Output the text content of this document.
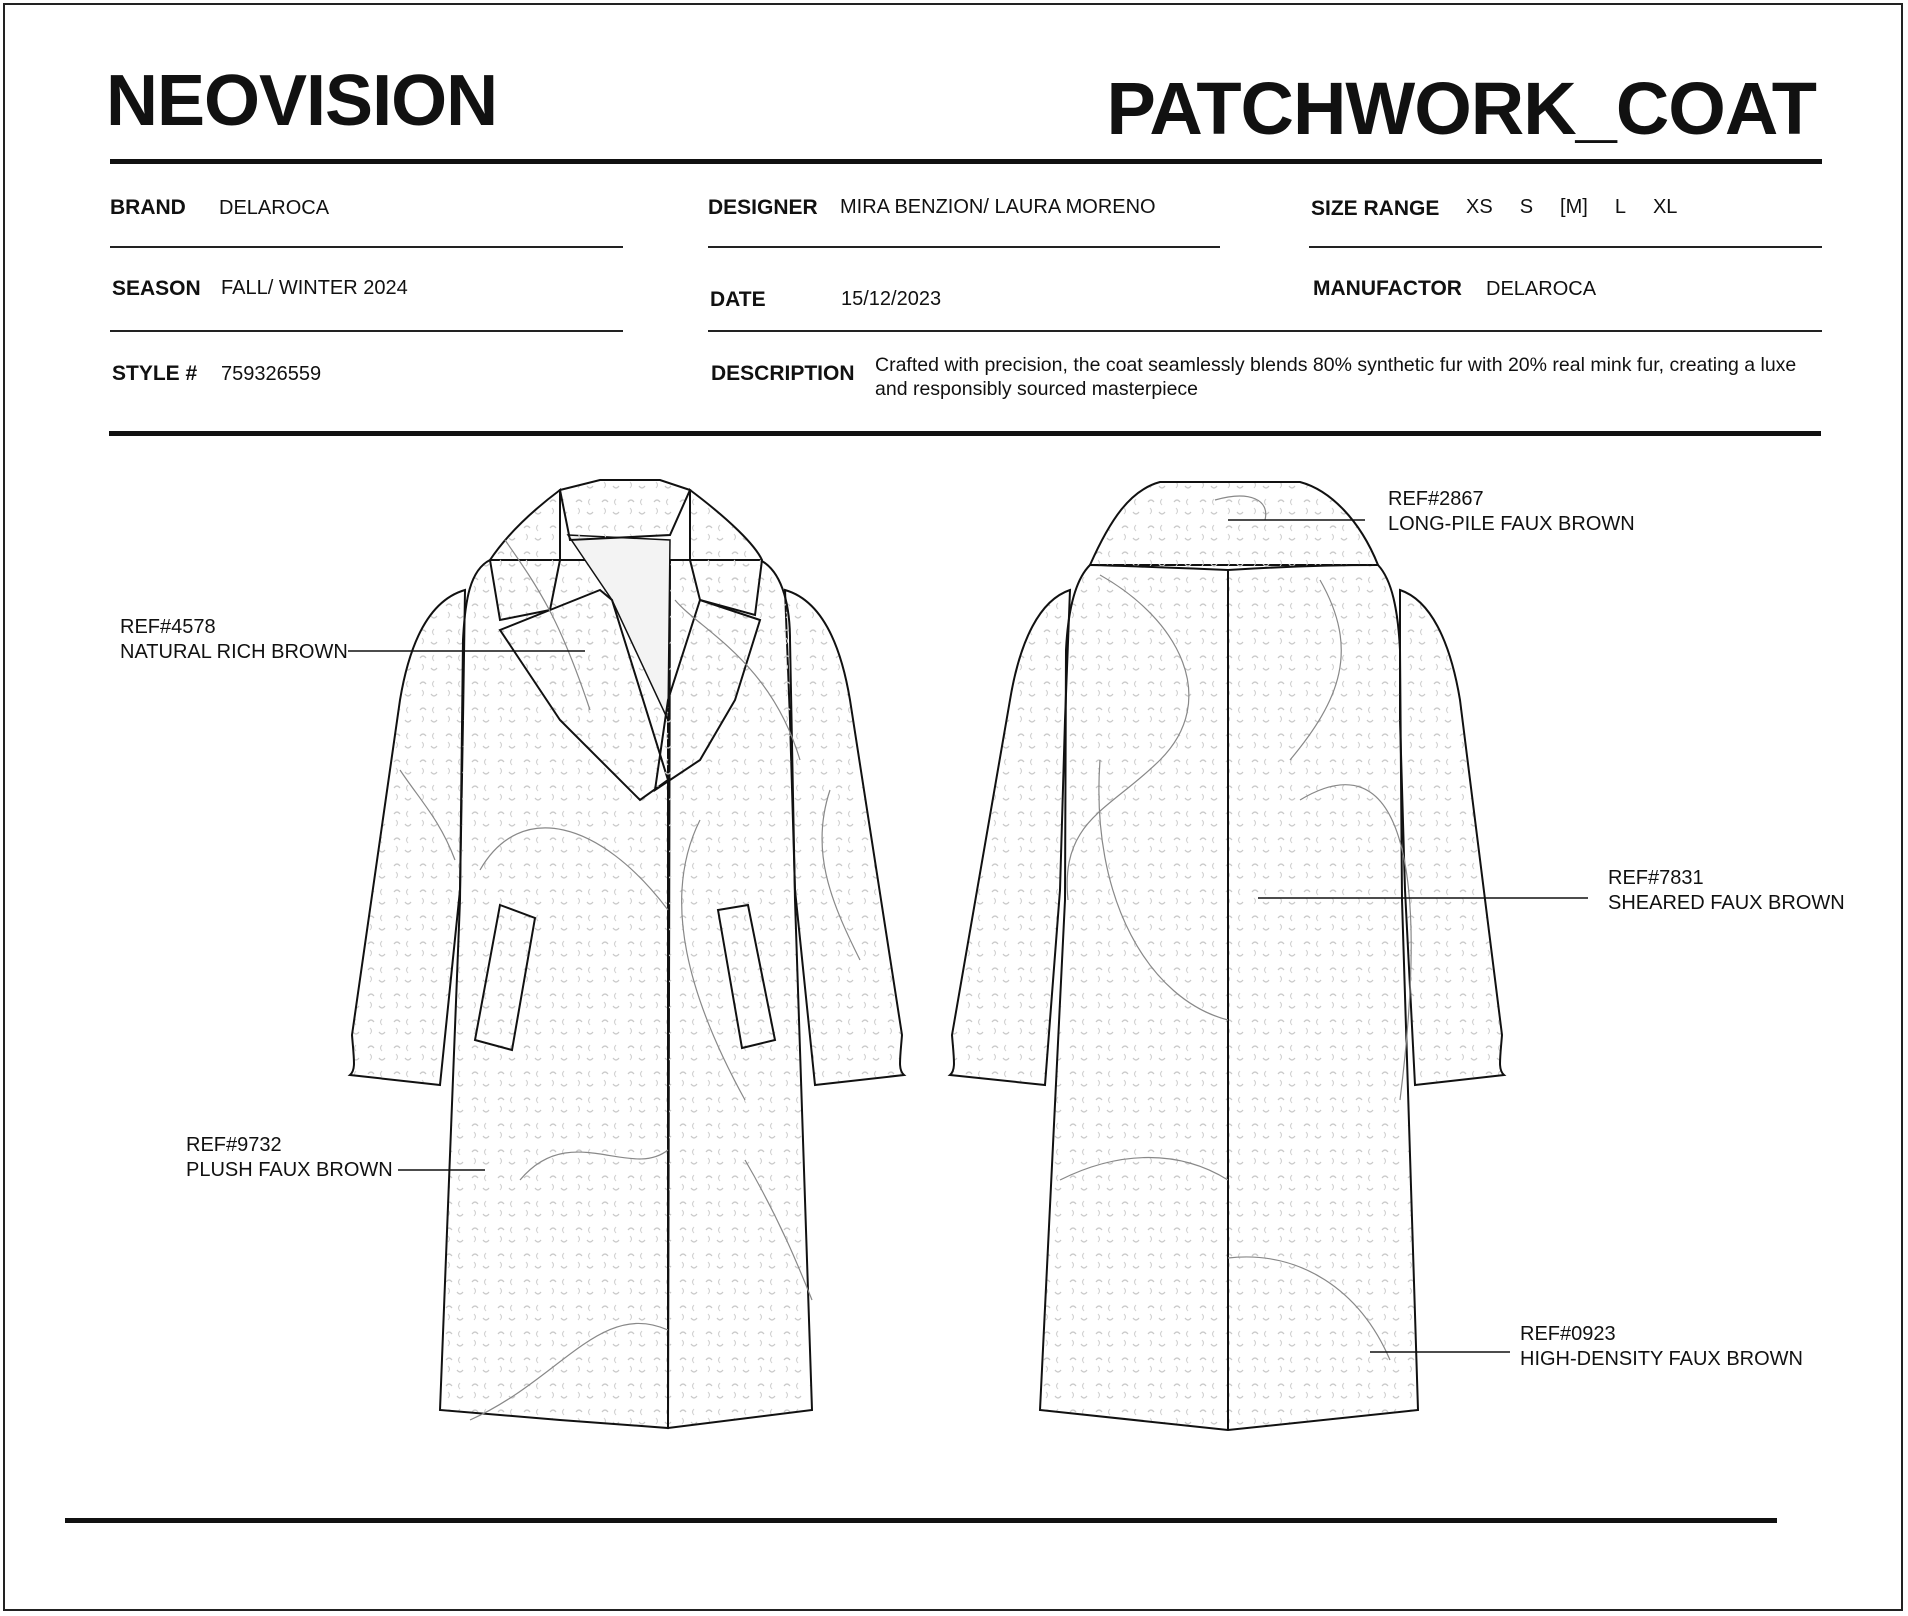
NEOVISION	PATCHWORK_COAT
BRAND DELAROCA	DESIGNER MIRA BENZION/ LAURA MORENO	SIZE RANGE XS S [M] L XL
SEASON FALL/ WINTER 2024	DATE	15/12/2023	MANUFACTOR DELAROCA
STYLE # 759326559	DESCRIPTION Crafted with precision, the coat seamlessly blends 80% synthetic fur with 20% real mink fur, creating a luxe and responsibly sourced masterpiece
REF#4578
NATURAL RICH BROWN
REF#9732
PLUSH FAUX BROWN
REF#2867
LONG-PILE FAUX BROWN
REF#7831
SHEARED FAUX BROWN
REF#0923
HIGH-DENSITY FAUX BROWN
